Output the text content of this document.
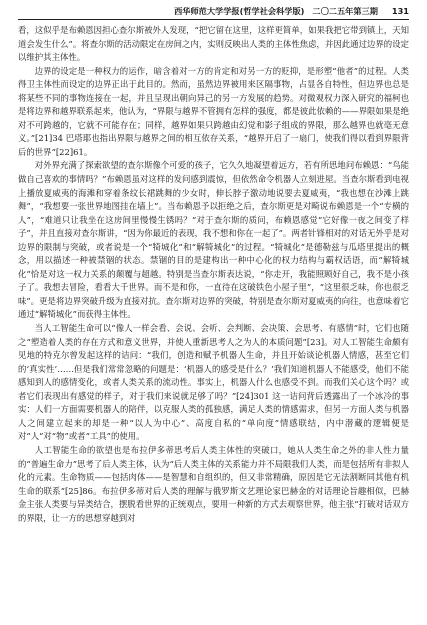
西华师范大学学报(哲学社会科学版) 二〇二五年第三期 131

看，这似乎是布赖恩因担心查尔斯被外人发现，“把它留在这里，这样更简单，如果我把它带到镇上，天知道会发生什么”。将查尔斯的活动限定在房间之内，实则反映出人类的主体性焦虑，并因此通过边界的设定以维护其主体性。

边界的设定是一种权力的运作，暗含着对一方的肯定和对另一方的贬抑，是形塑“他者”的过程。人类得卫主体性而设定的边界正出于此目的。然而，虽然边界被用来区隔事物，占显各自特性，但边界也总是将某些不同的事物连接在一起，并且呈现出朝向异己的另一方发展的趋势。对微观权力深入研究的福柯也是将边界和越界联系起来，他认为，“界限与越界不管拥有怎样的强度，都是彼此依赖的——界限如果是绝对不可跨越的，它就不可能存在；同样，越界如果只跨越由幻觉和影子组成的界限，那么越界也就毫无意义。”[21]34 巴塔耶也指出界限与越界之间的相互依存关系，“越界开启了一扇门，使我们得以看到界限背后的世界”[22]61。

对外界充满了探索欲望的查尔斯像个可爱的孩子，它久久地凝望着远方，若有所思地问布赖恩：“鸟能做自己喜欢的事情吗？”布赖恩虽对这样的发问感到震惊，但依然命令机器人立刻进屋。当查尔斯看到电视上播放夏威夷的海滩和穿着条纹长裙跳舞的少女时，伸长脖子激动地说要去夏威夷，“我也想在沙滩上跳舞”，“我想要一张世界地图挂在墙上”。当布赖恩予以拒绝之后，查尔斯更是对畸说布赖恩是一个“专横的人”，“难道只让我坐在这房间里慢慢生锈吗？”对于查尔斯的质问，布赖恩感觉“它好像一夜之间变了样子”，并且直接对查尔斯讲，“因为你最近的表现，我不想和你在一起了”。两者针锋相对的对话无外乎是对边界的限制与突破，或者说是一个“犄城化”和“解犄城化”的过程。“犄城化”是德勒兹与瓜塔里提出的概念，用以描述一种被禁锢的状态。禁锢的目的是建构出一种中心化的权力结构与霸权话语，而“解犄城化”恰是对这一权力关系的颠覆与超越。特别是当查尔斯表达说，“你走开，我能照顾好自己，我不是小孩子了。我想去冒险，看看大千世界。而不是和你，一直待在这破铁色小屋子里”，“这里很乏味，你也很乏味”。更是将边界突破升级为直接对抗。查尔斯对边界的突破，特别是查尔斯对夏威夷的向往，也意味着它通过“解犄城化”而获得主体性。

当人工智能生命可以“像人一样会看、会说、会听、会判断、会决策、会思考、有感情”时，它们也随之“塑造着人类的存在方式和意义世界，并使人重新思考人之为人的本质问题”[23]。对人工智能生命颇有见地的特克尔曾发起这样的诘问：“我们，创造和赋予机器人生命，并且开始谈论机器人情感，甚至它们的‘真实性’……但是我们常常忽略的问题是：‘机器人的感受是什么？’我们知道机器人不能感受，他们不能感知到人的感情变化，或者人类关系的流动性。事实上，机器人什么也感受不到。而我们关心这个吗？或者它们表现出有感觉的样子，对于我们来说就足够了吗？”[24]301 这一诘问背后透露出了一个冰冷的事实：人们一方面需要机器人的陪伴，以克服人类的孤独感，满足人类的情感需求，但另一方面人类与机器人之间建立起来的却是一种“以人为中心”、高度自私的“单向度”情感联结，内中潜藏的逻辑便是对“人”对“物”或者“工具”的使用。

人工智能生命的欲望也是布拉伊多蒂思考后人类主体性的突破口，她从人类生命之外的非人性力量的“普遍生命力”思考了后人类主体，认为“后人类主体的关系能力并不局限我们人类，而是包括所有非拟人化的元素。生命物质——包括肉体——是智慧和自组织的，但又非常精确，原因是它无法割断同其他有机生命的联系”[25]86。布拉伊多蒂对后人类的理解与俄罗斯文艺理论家巴赫金的对话理论旨趣相似，巴赫金主张人类要与异类结合，摆脱看世界的正统观点，要用一种新的方式去观察世界，他主张“打破对话双方的界限，让一方的思想穿越到对
